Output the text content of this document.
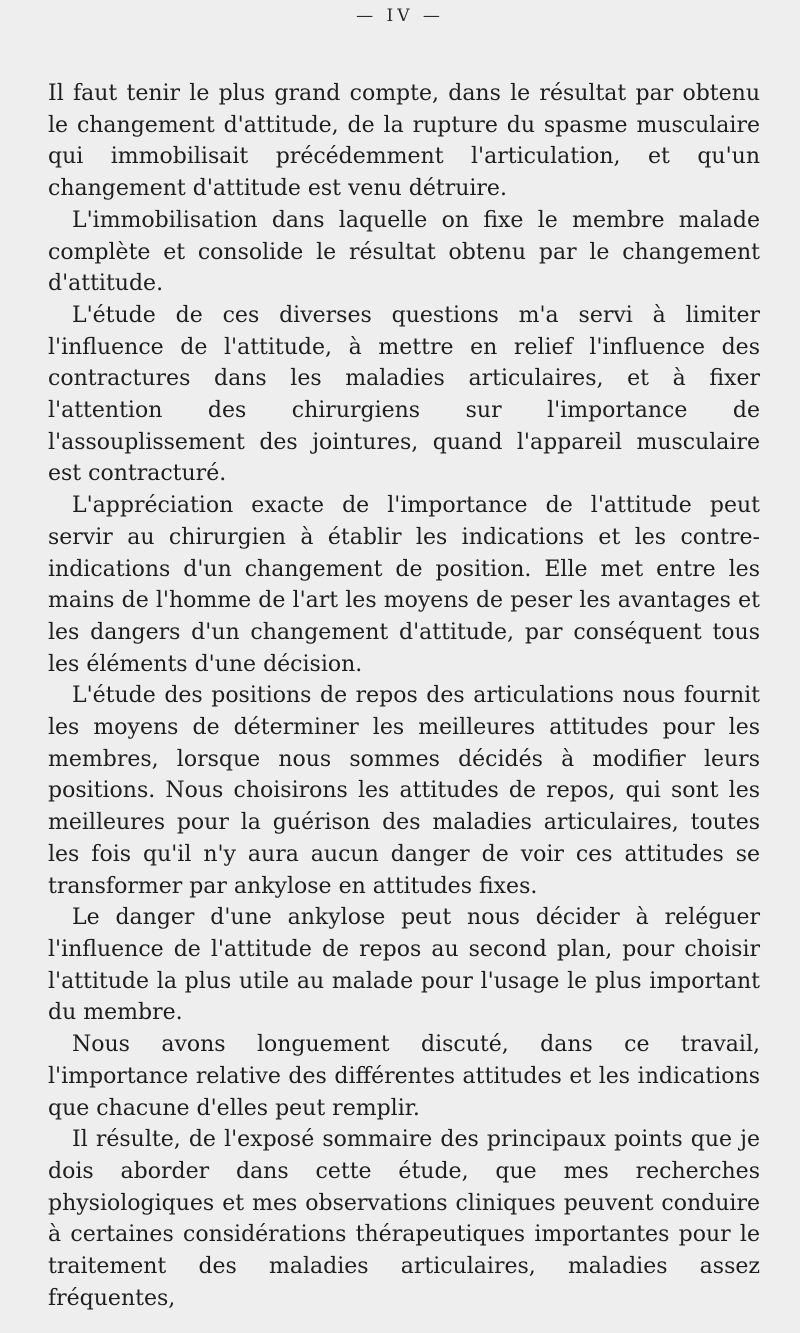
— IV —

Il faut tenir le plus grand compte, dans le résultat par obtenu le changement d'attitude, de la rupture du spasme musculaire qui immobilisait précédemment l'articulation, et qu'un changement d'attitude est venu détruire.

L'immobilisation dans laquelle on fixe le membre malade complète et consolide le résultat obtenu par le changement d'attitude.

L'étude de ces diverses questions m'a servi à limiter l'influence de l'attitude, à mettre en relief l'influence des contractures dans les maladies articulaires, et à fixer l'attention des chirurgiens sur l'importance de l'assouplissement des jointures, quand l'appareil musculaire est contracturé.

L'appréciation exacte de l'importance de l'attitude peut servir au chirurgien à établir les indications et les contre-indications d'un changement de position. Elle met entre les mains de l'homme de l'art les moyens de peser les avantages et les dangers d'un changement d'attitude, par conséquent tous les éléments d'une décision.

L'étude des positions de repos des articulations nous fournit les moyens de déterminer les meilleures attitudes pour les membres, lorsque nous sommes décidés à modifier leurs positions. Nous choisirons les attitudes de repos, qui sont les meilleures pour la guérison des maladies articulaires, toutes les fois qu'il n'y aura aucun danger de voir ces attitudes se transformer par ankylose en attitudes fixes.

Le danger d'une ankylose peut nous décider à reléguer l'influence de l'attitude de repos au second plan, pour choisir l'attitude la plus utile au malade pour l'usage le plus important du membre.

Nous avons longuement discuté, dans ce travail, l'importance relative des différentes attitudes et les indications que chacune d'elles peut remplir.

Il résulte, de l'exposé sommaire des principaux points que je dois aborder dans cette étude, que mes recherches physiologiques et mes observations cliniques peuvent conduire à certaines considérations thérapeutiques importantes pour le traitement des maladies articulaires, maladies assez fréquentes,
